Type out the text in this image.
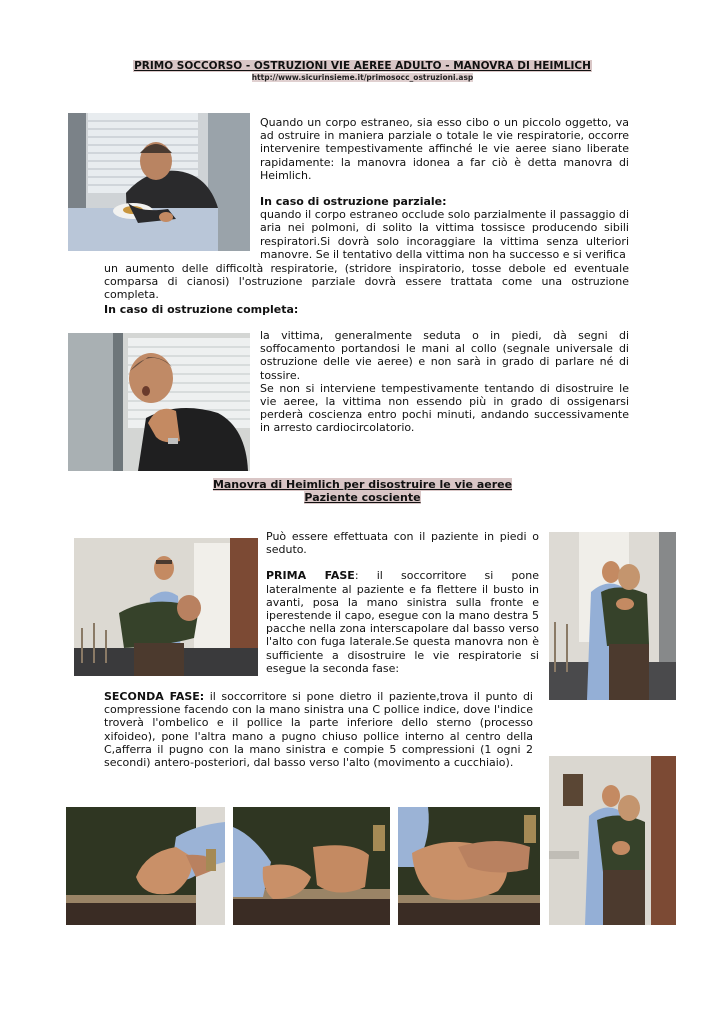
PRIMO SOCCORSO - OSTRUZIONI VIE AEREE ADULTO - MANOVRA DI HEIMLICH
http://www.sicurinsieme.it/primosocc_ostruzioni.asp
Quando un corpo estraneo, sia esso cibo o un piccolo oggetto, va ad ostruire in maniera parziale o totale le vie respiratorie, occorre intervenire tempestivamente affinché le vie aeree siano liberate rapidamente: la manovra idonea a far ciò è detta manovra di Heimlich.
In caso di ostruzione parziale:
quando il corpo estraneo occlude solo parzialmente il passaggio di aria nei polmoni, di solito la vittima tossisce producendo sibili respiratori.Si dovrà solo incoraggiare la vittima senza ulteriori manovre. Se il tentativo della vittima non ha successo e si verifica
un aumento delle difficoltà respiratorie, (stridore inspiratorio, tosse debole ed eventuale comparsa di cianosi) l'ostruzione parziale dovrà essere trattata come una ostruzione completa.
In caso di ostruzione completa:
la vittima, generalmente seduta o in piedi, dà segni di soffocamento portandosi le mani al collo (segnale universale di ostruzione delle vie aeree) e non sarà in grado di parlare né di tossire.
Se non si interviene tempestivamente tentando di disostruire le vie aeree, la vittima non essendo più in grado di ossigenarsi perderà coscienza entro pochi minuti, andando successivamente in arresto cardiocircolatorio.
Manovra di Heimlich per disostruire le vie aeree
Paziente cosciente
Può essere effettuata con il paziente in piedi o seduto.
PRIMA FASE: il soccorritore si pone lateralmente al paziente e fa flettere il busto in avanti, posa la mano sinistra sulla fronte e iperestende il capo, esegue con la mano destra 5 pacche nella zona interscapolare dal basso verso l'alto con fuga laterale.Se questa manovra non è sufficiente a disostruire le vie respiratorie si esegue la seconda fase:
SECONDA FASE: il soccorritore si pone dietro il paziente,trova il punto di compressione facendo con la mano sinistra una C pollice indice, dove l'indice troverà l'ombelico e il pollice la parte inferiore dello sterno (processo xifoideo), pone l'altra mano a pugno chiuso pollice interno al centro della C,afferra il pugno con la mano sinistra e compie 5 compressioni (1 ogni 2 secondi) antero-posteriori, dal basso verso l'alto (movimento a cucchiaio).
